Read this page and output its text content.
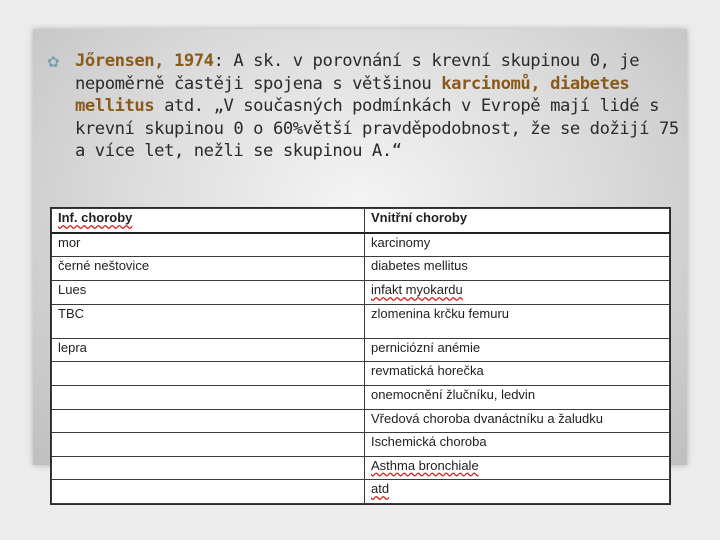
✿ Jőrensen, 1974: A sk. v porovnání s krevní skupinou 0, je nepoměrně častěji spojena s většinou karcinomů, diabetes mellitus atd. „V současných podmínkách v Evropě mají lidé s krevní skupinou 0 o 60%větší pravděpodobnost, že se dožijí 75 a více let, nežli se skupinou A.“
Inf. choroby	Vnitřní choroby
mor	karcinomy
černé neštovice	diabetes mellitus
Lues	infakt myokardu
TBC	zlomenina krčku femuru
lepra	perniciózní anémie
	revmatická horečka
	onemocnění žlučníku, ledvin
	Vředová choroba dvanáctníku a žaludku
	Ischemická choroba
	Asthma bronchiale
	atd
